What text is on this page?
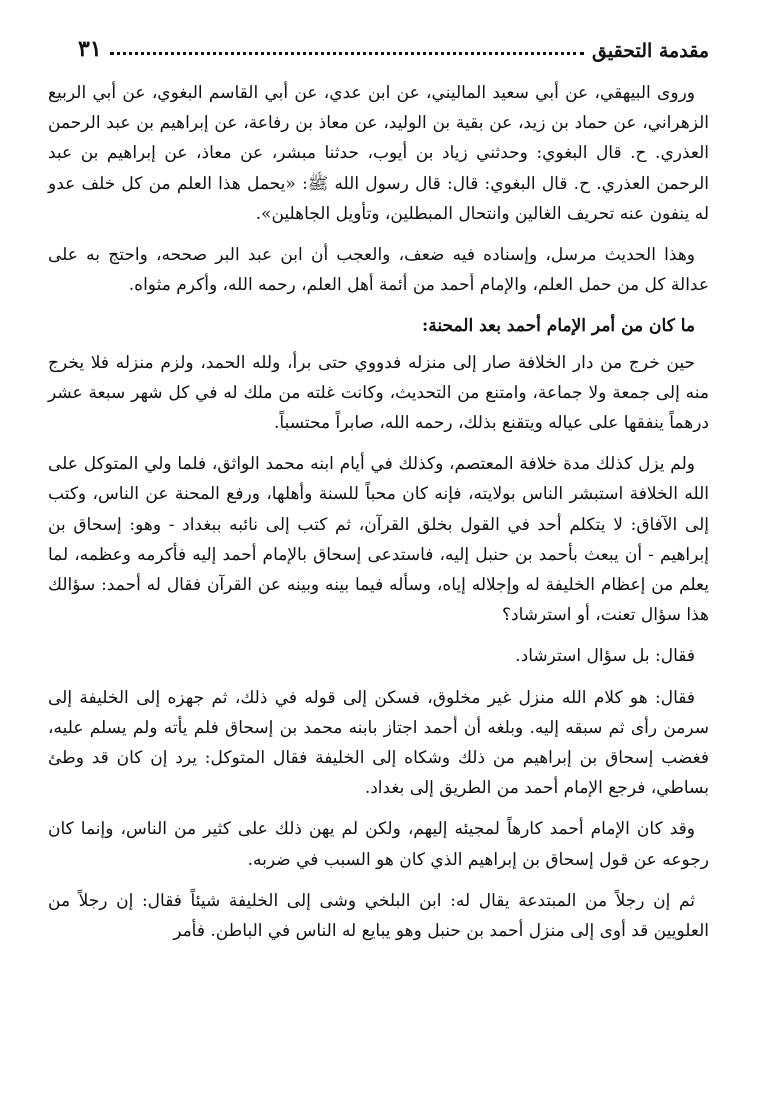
مقدمة التحقيق
٣١

وروى البيهقي، عن أبي سعيد الماليني، عن ابن عدي، عن أبي القاسم البغوي، عن أبي الربيع الزهراني، عن حماد بن زيد، عن بقية بن الوليد، عن معاذ بن رفاعة، عن إبراهيم بن عبد الرحمن العذري. ح. قال البغوي: وحدثني زياد بن أيوب، حدثنا مبشر، عن معاذ، عن إبراهيم بن عبد الرحمن العذري. ح. قال البغوي: قال: قال رسول الله ﷺ: «يحمل هذا العلم من كل خلف عدو له ينفون عنه تحريف الغالين وانتحال المبطلين، وتأويل الجاهلين».

وهذا الحديث مرسل، وإسناده فيه ضعف، والعجب أن ابن عبد البر صححه، واحتج به على عدالة كل من حمل العلم، والإمام أحمد من أئمة أهل العلم، رحمه الله، وأكرم مثواه.

ما كان من أمر الإمام أحمد بعد المحنة:

حين خرج من دار الخلافة صار إلى منزله فدووي حتى برأ، ولله الحمد، ولزم منزله فلا يخرج منه إلى جمعة ولا جماعة، وامتنع من التحديث، وكانت غلته من ملك له في كل شهر سبعة عشر درهماً ينفقها على عياله ويتقنع بذلك، رحمه الله، صابراً محتسباً.

ولم يزل كذلك مدة خلافة المعتصم، وكذلك في أيام ابنه محمد الواثق، فلما ولي المتوكل على الله الخلافة استبشر الناس بولايته، فإنه كان محباً للسنة وأهلها، ورفع المحنة عن الناس، وكتب إلى الآفاق: لا يتكلم أحد في القول بخلق القرآن، ثم كتب إلى نائبه ببغداد - وهو: إسحاق بن إبراهيم - أن يبعث بأحمد بن حنبل إليه، فاستدعى إسحاق بالإمام أحمد إليه فأكرمه وعظمه، لما يعلم من إعظام الخليفة له وإجلاله إياه، وسأله فيما بينه وبينه عن القرآن فقال له أحمد: سؤالك هذا سؤال تعنت، أو استرشاد؟

فقال: بل سؤال استرشاد.

فقال: هو كلام الله منزل غير مخلوق، فسكن إلى قوله في ذلك، ثم جهزه إلى الخليفة إلى سرمن رأى ثم سبقه إليه. وبلغه أن أحمد اجتاز بابنه محمد بن إسحاق فلم يأته ولم يسلم عليه، فغضب إسحاق بن إبراهيم من ذلك وشكاه إلى الخليفة فقال المتوكل: يرد إن كان قد وطئ بساطي، فرجع الإمام أحمد من الطريق إلى بغداد.

وقد كان الإمام أحمد كارهاً لمجيئه إليهم، ولكن لم يهن ذلك على كثير من الناس، وإنما كان رجوعه عن قول إسحاق بن إبراهيم الذي كان هو السبب في ضربه.

ثم إن رجلاً من المبتدعة يقال له: ابن البلخي وشى إلى الخليفة شيئاً فقال: إن رجلاً من العلويين قد أوى إلى منزل أحمد بن حنبل وهو يبايع له الناس في الباطن. فأمر
